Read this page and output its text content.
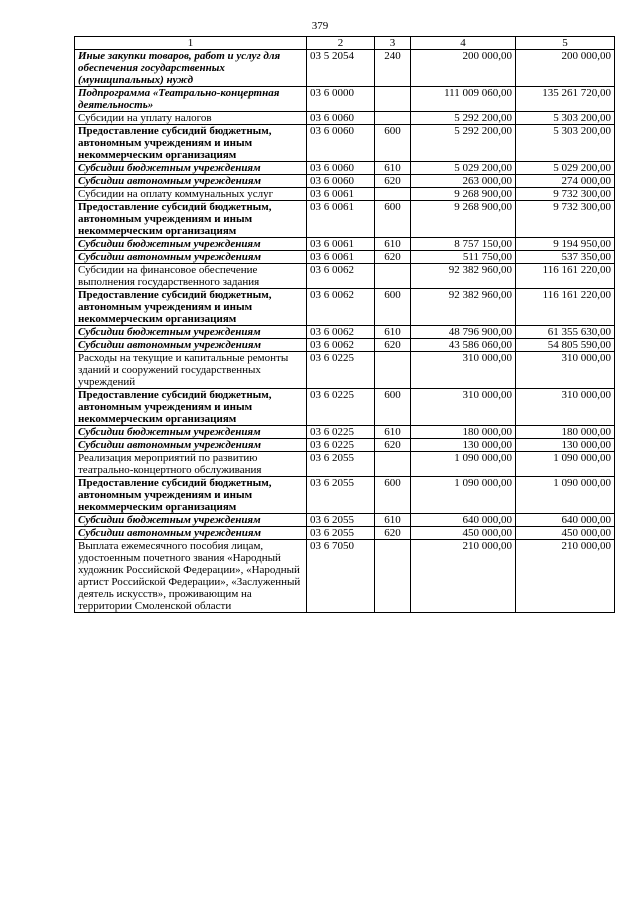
379
1	2	3	4	5
Иные закупки товаров, работ и услуг для обеспечения государственных (муниципальных) нужд	03 5 2054	240	200 000,00	200 000,00
Подпрограмма «Театрально-концертная деятельность»	03 6 0000		111 009 060,00	135 261 720,00
Субсидии на уплату налогов	03 6 0060		5 292 200,00	5 303 200,00
Предоставление субсидий бюджетным, автономным учреждениям и иным некоммерческим организациям	03 6 0060	600	5 292 200,00	5 303 200,00
Субсидии бюджетным учреждениям	03 6 0060	610	5 029 200,00	5 029 200,00
Субсидии автономным учреждениям	03 6 0060	620	263 000,00	274 000,00
Субсидии на оплату коммунальных услуг	03 6 0061		9 268 900,00	9 732 300,00
Предоставление субсидий бюджетным, автономным учреждениям и иным некоммерческим организациям	03 6 0061	600	9 268 900,00	9 732 300,00
Субсидии бюджетным учреждениям	03 6 0061	610	8 757 150,00	9 194 950,00
Субсидии автономным учреждениям	03 6 0061	620	511 750,00	537 350,00
Субсидии на финансовое обеспечение выполнения государственного задания	03 6 0062		92 382 960,00	116 161 220,00
Предоставление субсидий бюджетным, автономным учреждениям и иным некоммерческим организациям	03 6 0062	600	92 382 960,00	116 161 220,00
Субсидии бюджетным учреждениям	03 6 0062	610	48 796 900,00	61 355 630,00
Субсидии автономным учреждениям	03 6 0062	620	43 586 060,00	54 805 590,00
Расходы на текущие и капитальные ремонты зданий и сооружений государственных учреждений	03 6 0225		310 000,00	310 000,00
Предоставление субсидий бюджетным, автономным учреждениям и иным некоммерческим организациям	03 6 0225	600	310 000,00	310 000,00
Субсидии бюджетным учреждениям	03 6 0225	610	180 000,00	180 000,00
Субсидии автономным учреждениям	03 6 0225	620	130 000,00	130 000,00
Реализация мероприятий по развитию театрально-концертного обслуживания	03 6 2055		1 090 000,00	1 090 000,00
Предоставление субсидий бюджетным, автономным учреждениям и иным некоммерческим организациям	03 6 2055	600	1 090 000,00	1 090 000,00
Субсидии бюджетным учреждениям	03 6 2055	610	640 000,00	640 000,00
Субсидии автономным учреждениям	03 6 2055	620	450 000,00	450 000,00
Выплата ежемесячного пособия лицам, удостоенным почетного звания «Народный художник Российской Федерации», «Народный артист Российской Федерации», «Заслуженный деятель искусств», проживающим на территории Смоленской области	03 6 7050		210 000,00	210 000,00
